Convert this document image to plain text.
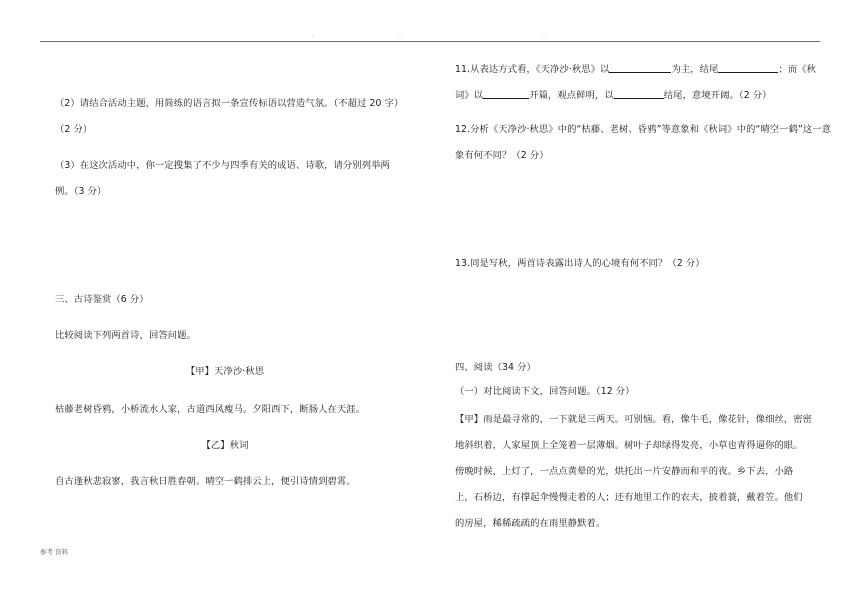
..	..	..
（2）请结合活动主题，用简练的语言拟一条宣传标语以营造气氛。（不超过 20 字）
（2 分）
（3）在这次活动中，你一定搜集了不少与四季有关的成语、诗歌，请分别列举两
例。（3 分）
三、古诗鉴赏（6 分）
比较阅读下列两首诗，回答问题。
【甲】天净沙·秋思
枯藤老树昏鸦，小桥流水人家，古道西风瘦马。夕阳西下，断肠人在天涯。
【乙】秋词
自古逢秋悲寂寥，我言秋日胜春朝。晴空一鹤排云上，便引诗情到碧霄。
11.从表达方式看，《天净沙·秋思》以	为主，结尾	；而《秋
词》以	开篇，观点鲜明，以	结尾，意境开阔。（2 分）
12.分析《天净沙·秋思》中的“枯藤、老树、昏鸦”等意象和《秋词》中的“晴空一鹤”这一意
象有何不同？（2 分）
13.同是写秋，两首诗表露出诗人的心境有何不同？（2 分）
四、阅读（34 分）
（一）对比阅读下文，回答问题。（12 分）
【甲】雨是最寻常的，一下就是三两天。可别恼。看，像牛毛，像花针，像细丝，密密
地斜织着，人家屋顶上全笼着一层薄烟。树叶子却绿得发亮，小草也青得逼你的眼。
傍晚时候，上灯了，一点点黄晕的光，烘托出一片安静而和平的夜。乡下去，小路
上，石桥边，有撑起伞慢慢走着的人；还有地里工作的农夫，披着蓑，戴着笠。他们
的房屋，稀稀疏疏的在雨里静默着。
参考 资料
